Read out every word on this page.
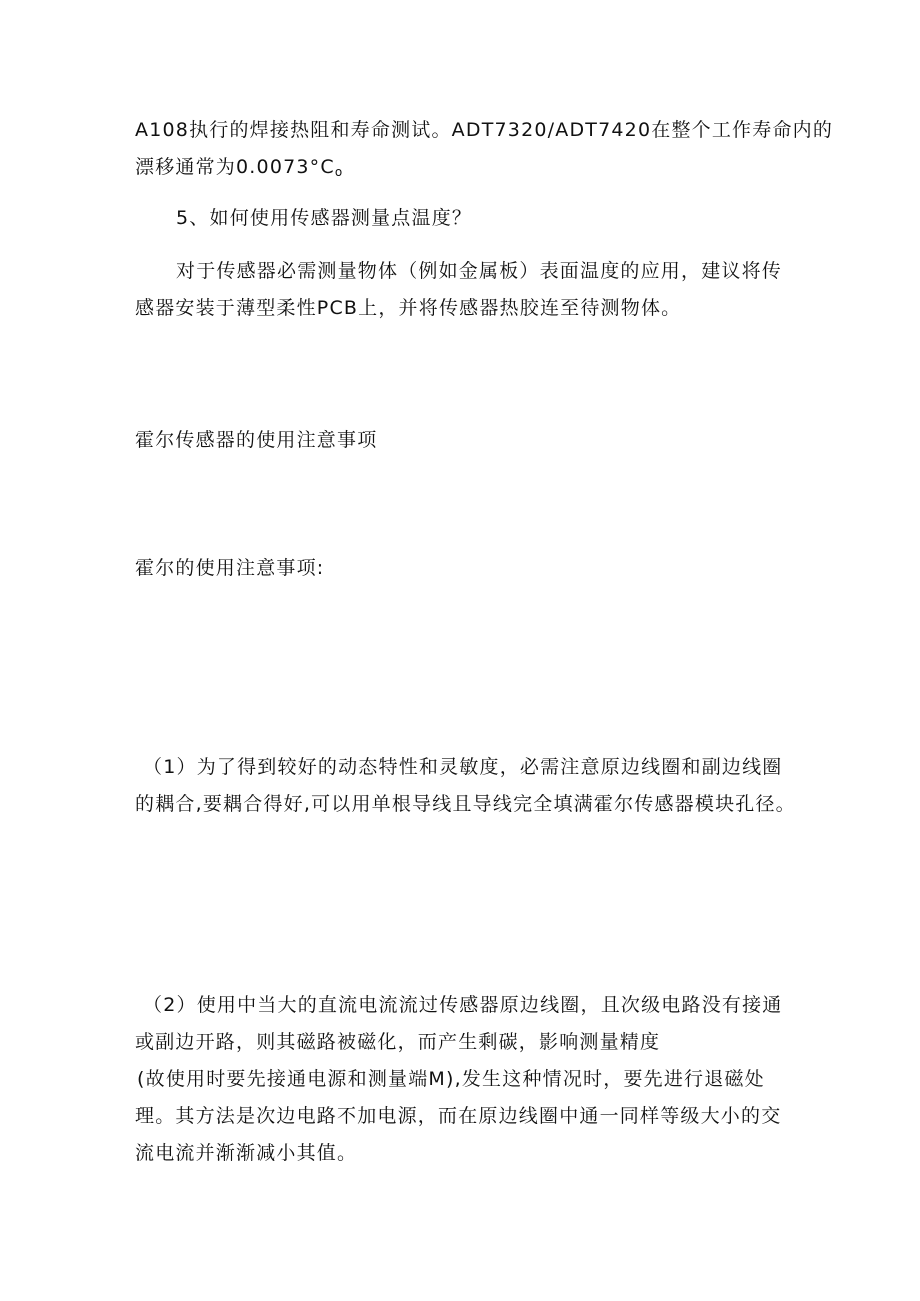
A108执行的焊接热阻和寿命测试。ADT7320/ADT7420在整个工作寿命内的
漂移通常为$0.0073^\circ C_o$
5、如何使用传感器测量点温度？
对于传感器必需测量物体（例如金属板）表面温度的应用，建议将传
感器安装于薄型柔性PCB上，并将传感器热胶连至待测物体。
霍尔传感器的使用注意事项
霍尔的使用注意事项:
（1）为了得到较好的动态特性和灵敏度，必需注意原边线圈和副边线圈
的耦合,要耦合得好,可以用单根导线且导线完全填满霍尔传感器模块孔径。
（2）使用中当大的直流电流流过传感器原边线圈，且次级电路没有接通
或副边开路，则其磁路被磁化，而产生剩碳，影响测量精度
(故使用时要先接通电源和测量端M),发生这种情况时，要先进行退磁处
理。其方法是次边电路不加电源，而在原边线圈中通一同样等级大小的交
流电流并渐渐减小其值。
